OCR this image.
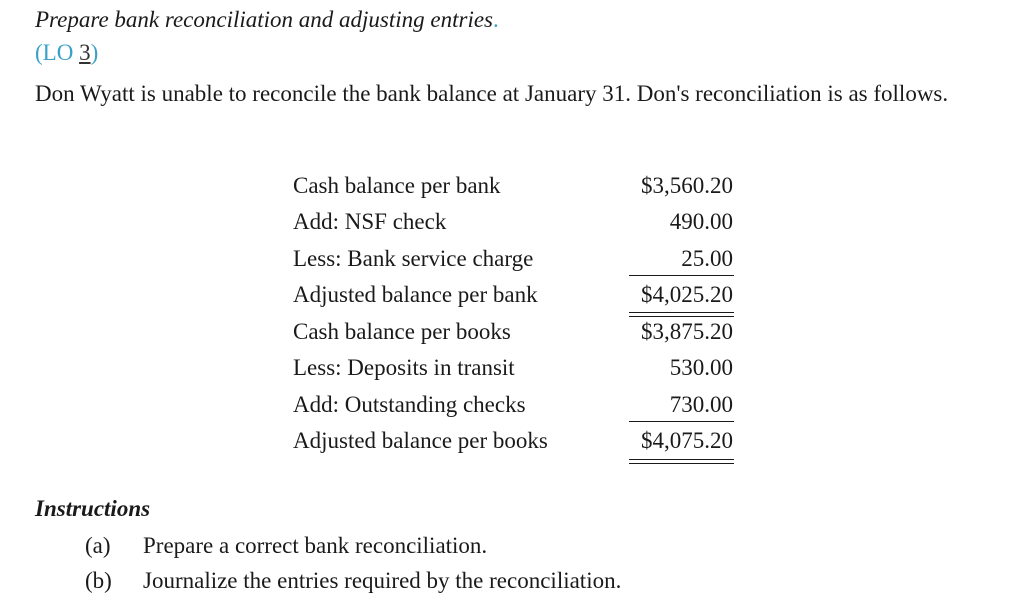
Prepare bank reconciliation and adjusting entries.
(LO 3)
Don Wyatt is unable to reconcile the bank balance at January 31. Don's reconciliation is as follows.
Cash balance per bank	$3,560.20
Add: NSF check	490.00
Less: Bank service charge	25.00
Adjusted balance per bank	$4,025.20
Cash balance per books	$3,875.20
Less: Deposits in transit	530.00
Add: Outstanding checks	730.00
Adjusted balance per books	$4,075.20
Instructions
(a) Prepare a correct bank reconciliation.
(b) Journalize the entries required by the reconciliation.
